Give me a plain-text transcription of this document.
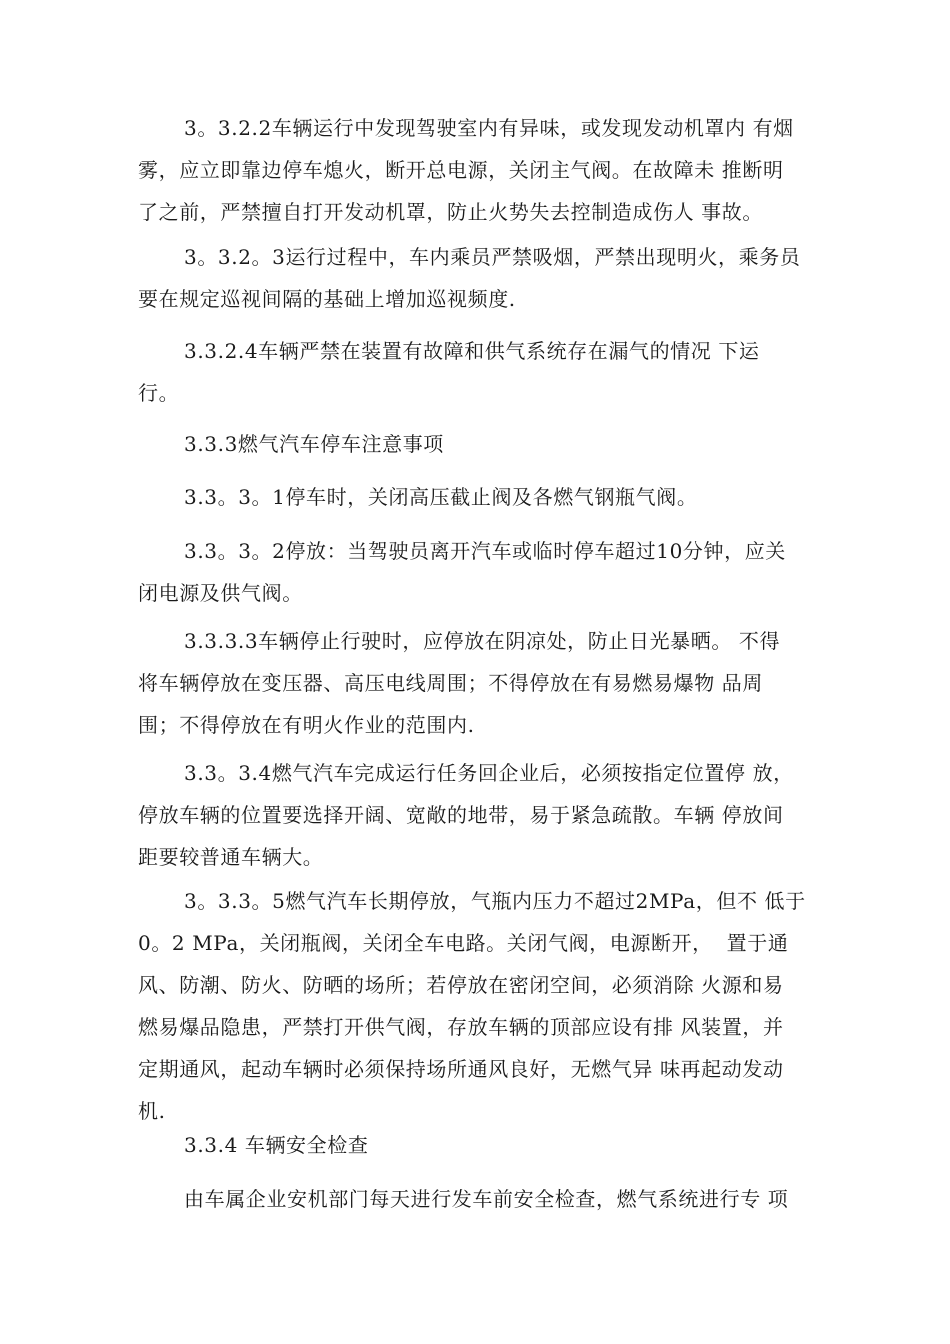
3。3.2.2车辆运行中发现驾驶室内有异味，或发现发动机罩内 有烟
雾，应立即靠边停车熄火，断开总电源，关闭主气阀。在故障未 推断明
了之前，严禁擅自打开发动机罩，防止火势失去控制造成伤人 事故。
3。3.2。3运行过程中，车内乘员严禁吸烟，严禁出现明火，乘务员
要在规定巡视间隔的基础上增加巡视频度.
3.3.2.4车辆严禁在装置有故障和供气系统存在漏气的情况 下运
行。
3.3.3燃气汽车停车注意事项
3.3。3。1停车时，关闭高压截止阀及各燃气钢瓶气阀。
3.3。3。2停放：当驾驶员离开汽车或临时停车超过10分钟，应关
闭电源及供气阀。
3.3.3.3车辆停止行驶时，应停放在阴凉处，防止日光暴晒。 不得
将车辆停放在变压器、高压电线周围；不得停放在有易燃易爆物 品周
围；不得停放在有明火作业的范围内.
3.3。3.4燃气汽车完成运行任务回企业后，必须按指定位置停 放，
停放车辆的位置要选择开阔、宽敞的地带，易于紧急疏散。车辆 停放间
距要较普通车辆大。
3。3.3。5燃气汽车长期停放，气瓶内压力不超过2MPa，但不 低于
0。2 MPa，关闭瓶阀，关闭全车电路。关闭气阀，电源断开，  置于通
风、防潮、防火、防晒的场所；若停放在密闭空间，必须消除 火源和易
燃易爆品隐患，严禁打开供气阀，存放车辆的顶部应设有排 风装置，并
定期通风，起动车辆时必须保持场所通风良好，无燃气异 味再起动发动
机.
3.3.4 车辆安全检查
由车属企业安机部门每天进行发车前安全检查，燃气系统进行专 项
